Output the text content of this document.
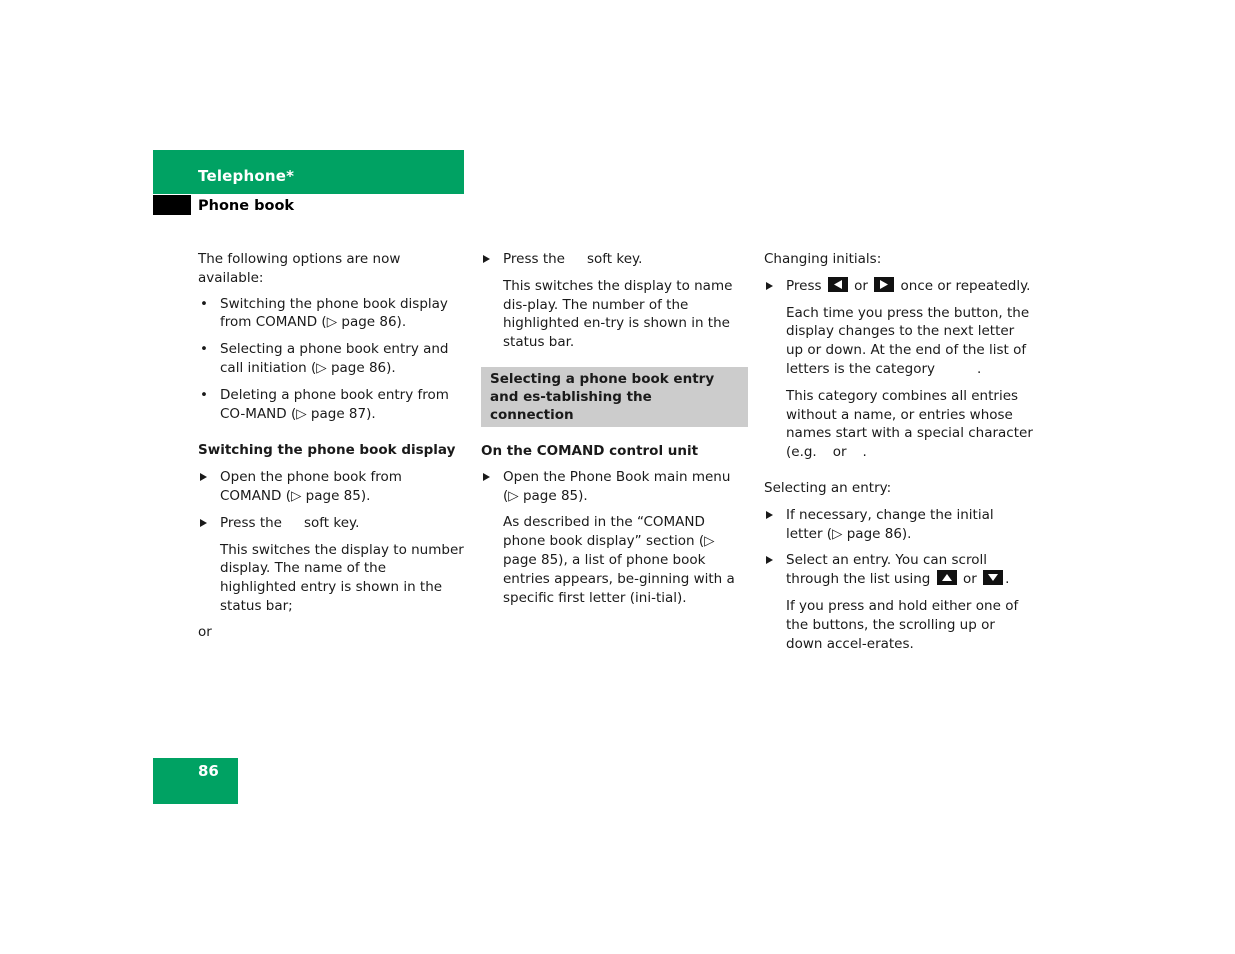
Telephone*
Phone book

The following options are now available:

• Switching the phone book display from COMAND (▷ page 86).

• Selecting a phone book entry and call initiation (▷ page 86).

• Deleting a phone book entry from CO-MAND (▷ page 87).

Switching the phone book display

Open the phone book from COMAND (▷ page 85).
Press the soft key.

This switches the display to number display. The name of the highlighted entry is shown in the status bar;

or

Press the soft key.

This switches the display to name dis-play. The number of the highlighted en-try is shown in the status bar.

Selecting a phone book entry and es-tablishing the connection

On the COMAND control unit

Open the Phone Book main menu (▷ page 85).

As described in the “COMAND phone book display” section (▷ page 85), a list of phone book entries appears, be-ginning with a specific first letter (ini-tial).

Changing initials:

Press or once or repeatedly.

Each time you press the button, the display changes to the next letter up or down. At the end of the list of letters is the category	.

This category combines all entries without a name, or entries whose names start with a special character (e.g. or .

Selecting an entry:

If necessary, change the initial letter (▷ page 86).
Select an entry. You can scroll through the list using or .

If you press and hold either one of the buttons, the scrolling up or down accel-erates.

86
